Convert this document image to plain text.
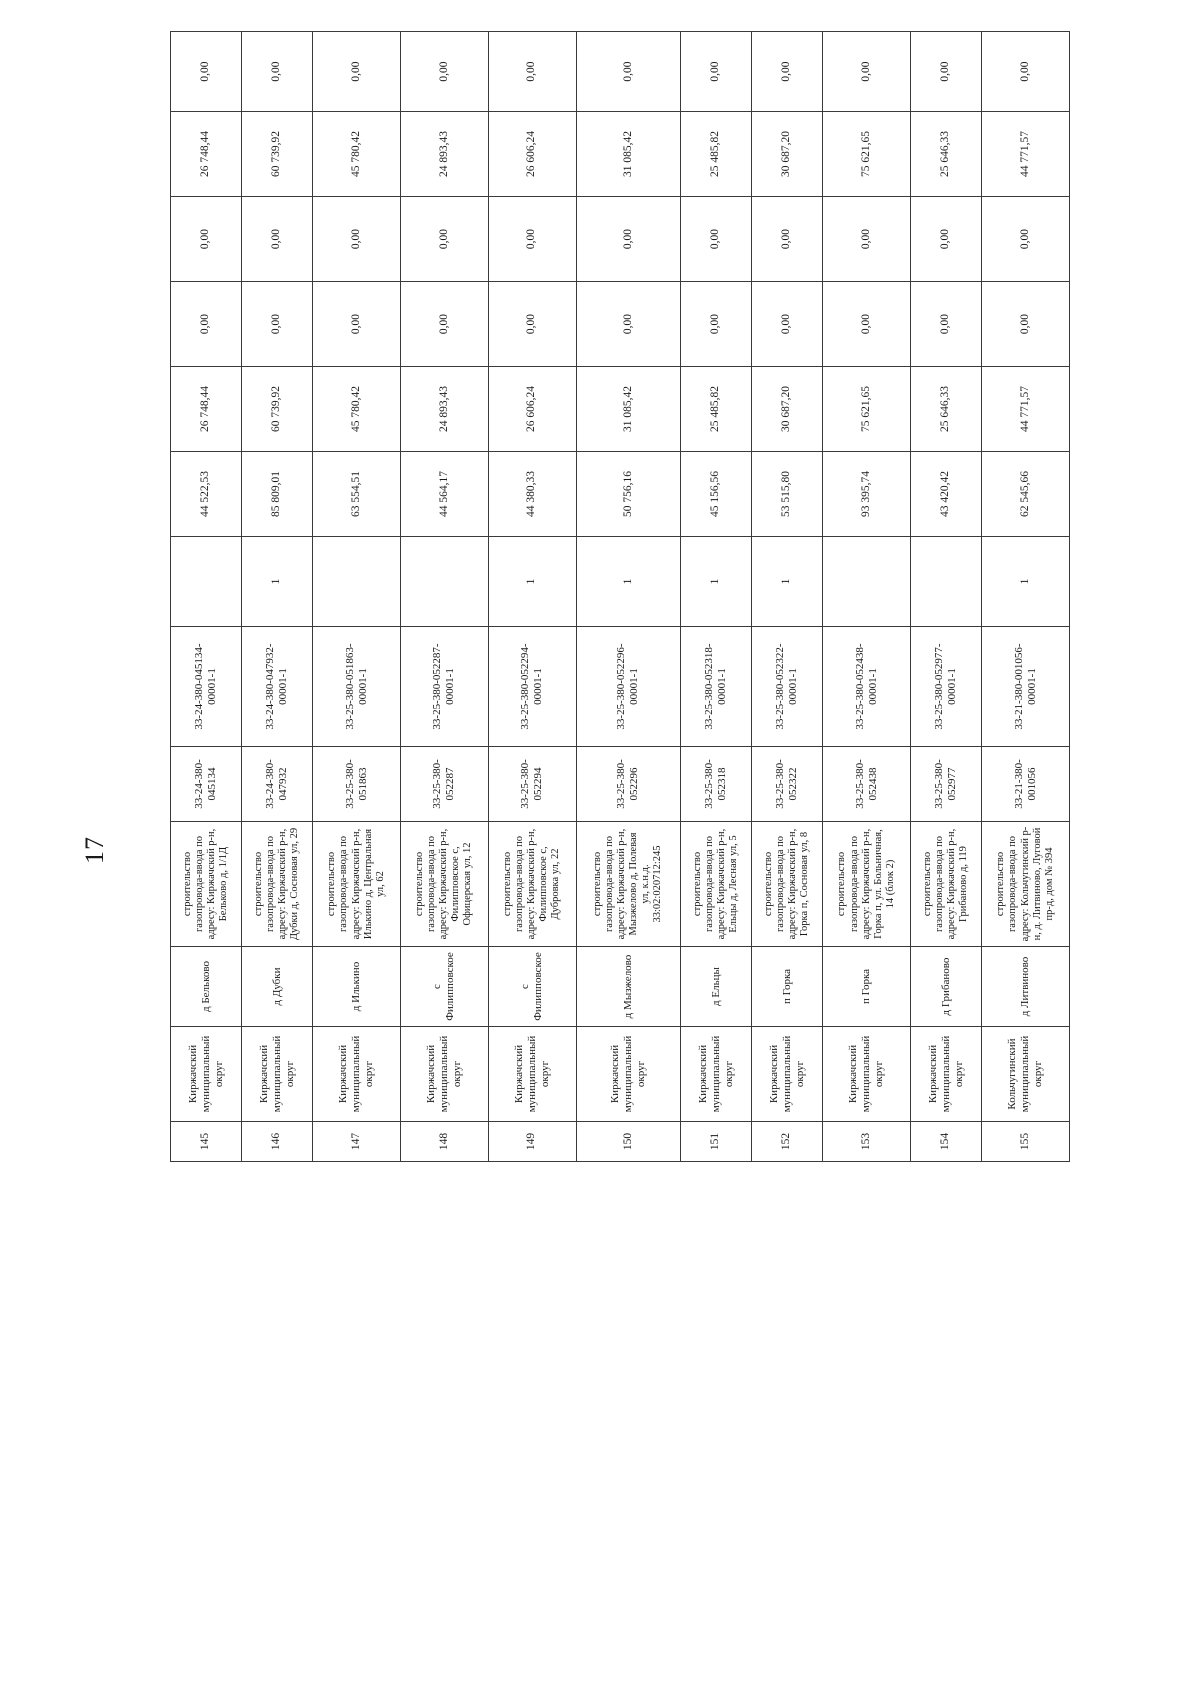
17
145	Киржачский муниципальный округ	д Бельково	строительство газопровода-ввода по адресу: Киржачский р-н, Бельково д, 1/1Д	33-24-380-045134	33-24-380-045134-00001-1		44 522,53	26 748,44	0,00	0,00	26 748,44	0,00
146	Киржачский муниципальный округ	д Дубки	строительство газопровода-ввода по адресу: Киржачский р-н, Дубки д, Сосновая ул, 29	33-24-380-047932	33-24-380-047932-00001-1	1	85 809,01	60 739,92	0,00	0,00	60 739,92	0,00
147	Киржачский муниципальный округ	д Илькино	строительство газопровода-ввода по адресу: Киржачский р-н, Илькино д, Центральная ул, 62	33-25-380-051863	33-25-380-051863-00001-1		63 554,51	45 780,42	0,00	0,00	45 780,42	0,00
148	Киржачский муниципальный округ	с Филипповское	строительство газопровода-ввода по адресу: Киржачский р-н, Филипповское с, Офицерская ул, 12	33-25-380-052287	33-25-380-052287-00001-1		44 564,17	24 893,43	0,00	0,00	24 893,43	0,00
149	Киржачский муниципальный округ	с Филипповское	строительство газопровода-ввода по адресу: Киржачский р-н, Филипповское с, Дубровка ул, 22	33-25-380-052294	33-25-380-052294-00001-1	1	44 380,33	26 606,24	0,00	0,00	26 606,24	0,00
150	Киржачский муниципальный округ	д Мызжелово	строительство газопровода-ввода по адресу: Киржачский р-н, Мызжелово д, Полевая ул, к.н.д. 33:02:020712:245	33-25-380-052296	33-25-380-052296-00001-1	1	50 756,16	31 085,42	0,00	0,00	31 085,42	0,00
151	Киржачский муниципальный округ	д Ельцы	строительство газопровода-ввода по адресу: Киржачский р-н, Ельцы д, Лесная ул, 5	33-25-380-052318	33-25-380-052318-00001-1	1	45 156,56	25 485,82	0,00	0,00	25 485,82	0,00
152	Киржачский муниципальный округ	п Горка	строительство газопровода-ввода по адресу: Киржачский р-н, Горка п, Сосновая ул, 8	33-25-380-052322	33-25-380-052322-00001-1	1	53 515,80	30 687,20	0,00	0,00	30 687,20	0,00
153	Киржачский муниципальный округ	п Горка	строительство газопровода-ввода по адресу: Киржачский р-н, Горка п, ул. Больничная, 14 (блок 2)	33-25-380-052438	33-25-380-052438-00001-1		93 395,74	75 621,65	0,00	0,00	75 621,65	0,00
154	Киржачский муниципальный округ	д Грибаново	строительство газопровода-ввода по адресу: Киржачский р-н, Грибаново д, 119	33-25-380-052977	33-25-380-052977-00001-1		43 420,42	25 646,33	0,00	0,00	25 646,33	0,00
155	Кольчугинский муниципальный округ	д Литвиново	строительство газопровода-ввода по адресу: Кольчугинский р-н, д. Литвиново, Луговой пр-д, дом № 394	33-21-380-001056	33-21-380-001056-00001-1	1	62 545,66	44 771,57	0,00	0,00	44 771,57	0,00
